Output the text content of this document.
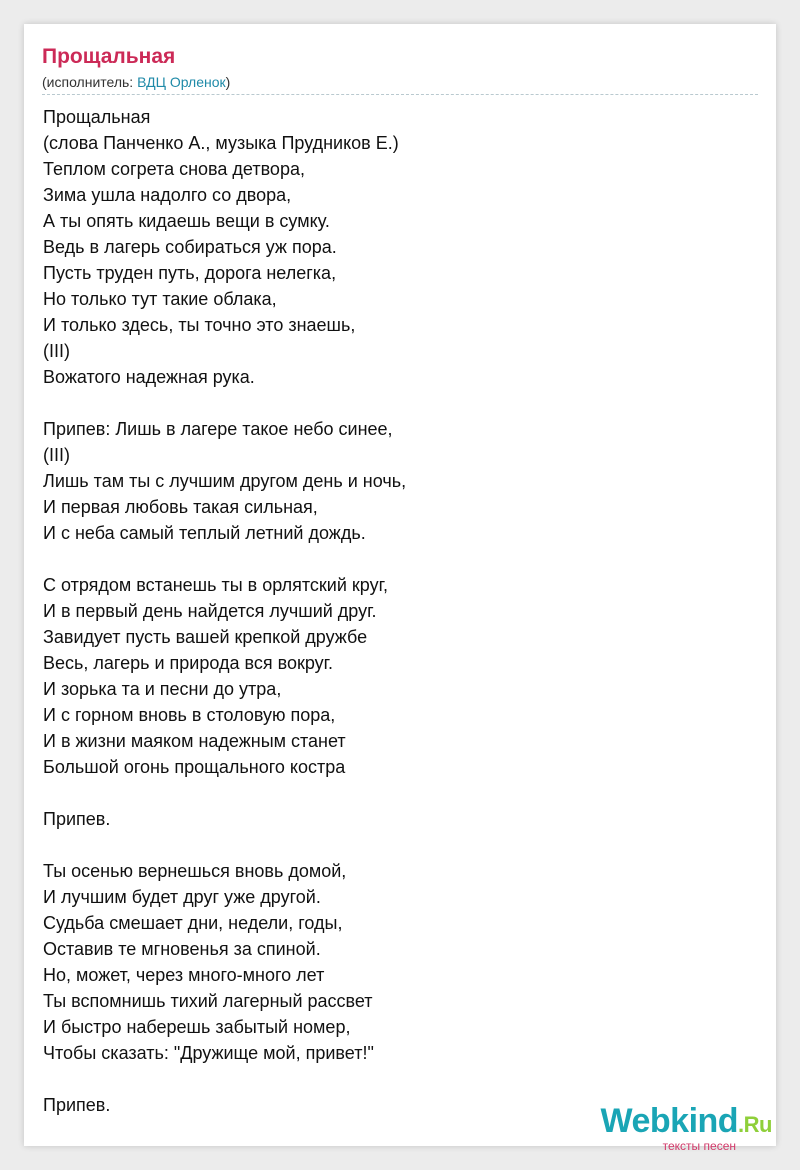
Прощальная
(исполнитель: ВДЦ Орленок)
Прощальная
(слова Панченко А., музыка Прудников Е.)
Теплом согрета снова детвора,
Зима ушла надолго со двора,
А ты опять кидаешь вещи в сумку.
Ведь в лагерь собираться уж пора.
Пусть труден путь, дорога нелегка,
Но только тут такие облака,
И только здесь, ты точно это знаешь,
(III)
Вожатого надежная рука.
Припев: Лишь в лагере такое небо синее,
(III)
Лишь там ты с лучшим другом день и ночь,
И первая любовь такая сильная,
И с неба самый теплый летний дождь.
С отрядом встанешь ты в орлятский круг,
И в первый день найдется лучший друг.
Завидует пусть вашей крепкой дружбе
Весь, лагерь и природа вся вокруг.
И зорька та и песни до утра,
И с горном вновь в столовую пора,
И в жизни маяком надежным станет
Большой огонь прощального костра
Припев.
Ты осенью вернешься вновь домой,
И лучшим будет друг уже другой.
Судьба смешает дни, недели, годы,
Оставив те мгновенья за спиной.
Но, может, через много-много лет
Ты вспомнишь тихий лагерный рассвет
И быстро наберешь забытый номер,
Чтобы сказать: "Дружище мой, привет!"
Припев.	Webkind.Ru
тексты песен
